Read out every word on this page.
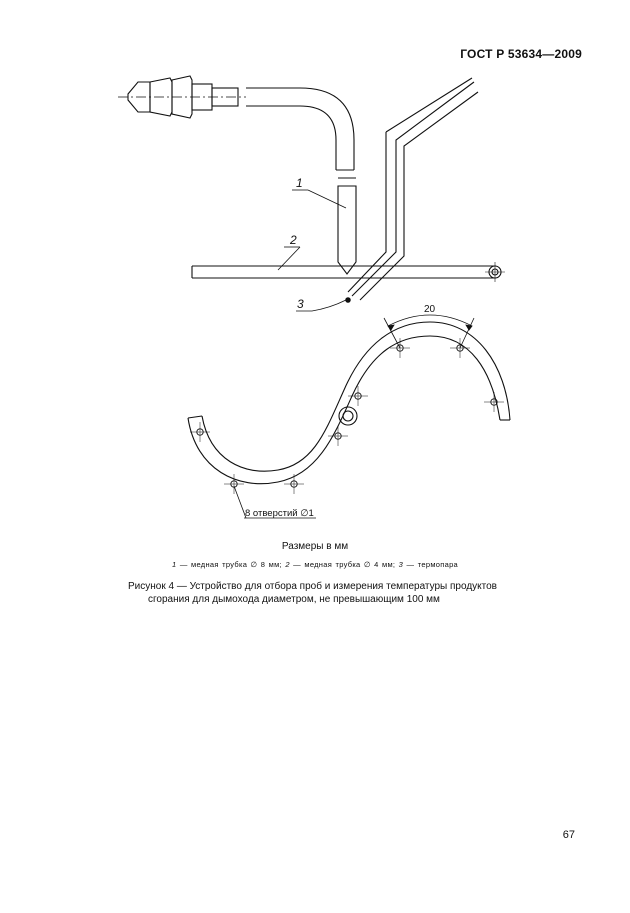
ГОСТ Р 53634—2009
1
2
3	20
8 отверстий ∅1
Размеры в мм
1 — медная трубка ∅ 8 мм; 2 — медная трубка ∅ 4 мм; 3 — термопара
Рисунок 4 — Устройство для отбора проб и измерения температуры продуктов
сгорания для дымохода диаметром, не превышающим 100 мм
67
